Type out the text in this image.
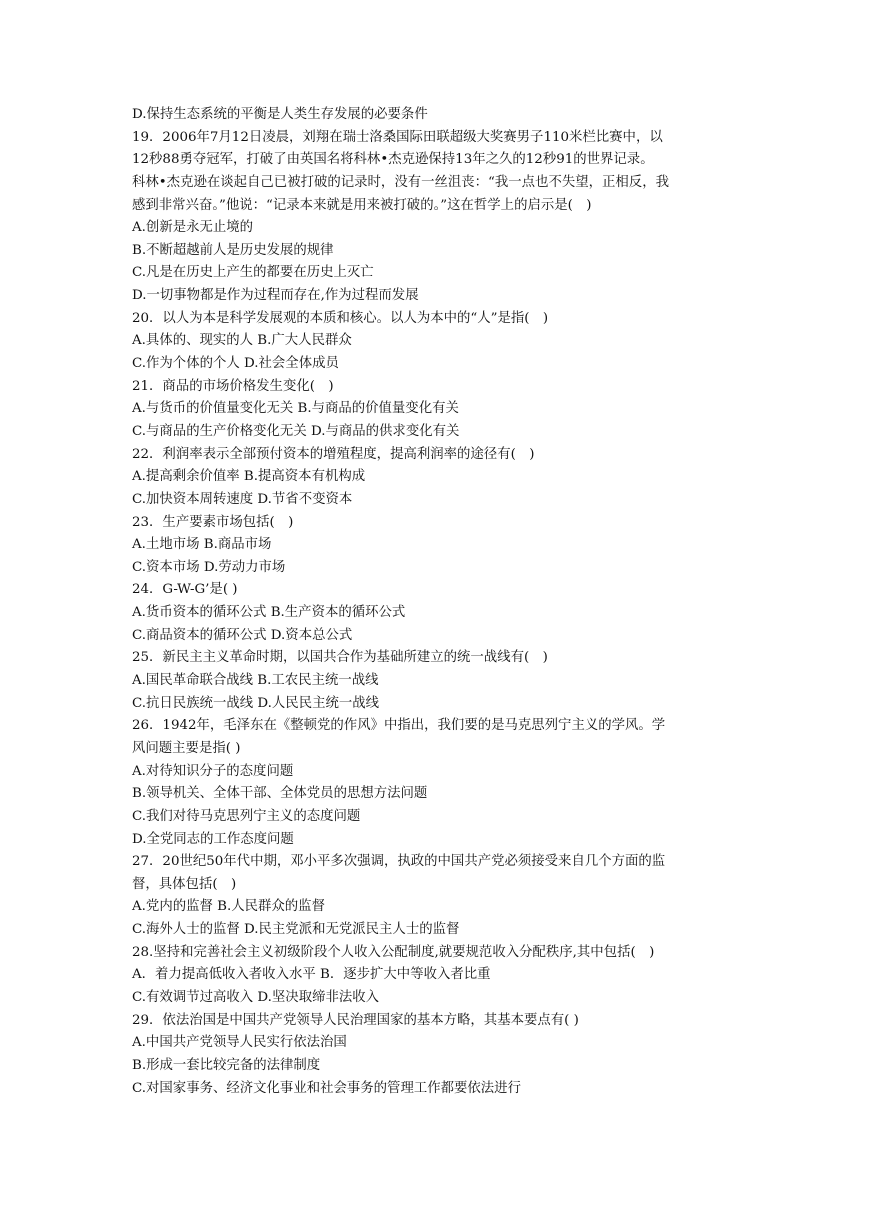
D.保持生态系统的平衡是人类生存发展的必要条件
19．2006年7月12日凌晨，刘翔在瑞士洛桑国际田联超级大奖赛男子110米栏比赛中，以
12秒88勇夺冠军，打破了由英国名将科林•杰克逊保持13年之久的12秒91的世界记录。
科林•杰克逊在谈起自己已被打破的记录时，没有一丝沮丧：“我一点也不失望，正相反，我
感到非常兴奋。”他说：“记录本来就是用来被打破的。”这在哲学上的启示是(　)
A.创新是永无止境的
B.不断超越前人是历史发展的规律
C.凡是在历史上产生的都要在历史上灭亡
D.一切事物都是作为过程而存在,作为过程而发展
20．以人为本是科学发展观的本质和核心。以人为本中的“人”是指(　)
A.具体的、现实的人 B.广大人民群众
C.作为个体的个人 D.社会全体成员
21．商品的市场价格发生变化(　)
A.与货币的价值量变化无关 B.与商品的价值量变化有关
C.与商品的生产价格变化无关 D.与商品的供求变化有关
22．利润率表示全部预付资本的增殖程度，提高利润率的途径有(　)
A.提高剩余价值率 B.提高资本有机构成
C.加快资本周转速度 D.节省不变资本
23．生产要素市场包括(　)
A.土地市场 B.商品市场
C.资本市场 D.劳动力市场
24．G-W-G’是( )
A.货币资本的循环公式 B.生产资本的循环公式
C.商品资本的循环公式 D.资本总公式
25．新民主主义革命时期，以国共合作为基础所建立的统一战线有(　)
A.国民革命联合战线 B.工农民主统一战线
C.抗日民族统一战线 D.人民民主统一战线
26．1942年，毛泽东在《整顿党的作风》中指出，我们要的是马克思列宁主义的学风。学
风问题主要是指( )
A.对待知识分子的态度问题
B.领导机关、全体干部、全体党员的思想方法问题
C.我们对待马克思列宁主义的态度问题
D.全党同志的工作态度问题
27．20世纪50年代中期，邓小平多次强调，执政的中国共产党必须接受来自几个方面的监
督，具体包括(　)
A.党内的监督 B.人民群众的监督
C.海外人士的监督 D.民主党派和无党派民主人士的监督
28.坚持和完善社会主义初级阶段个人收入公配制度,就要规范收入分配秩序,其中包括(　)
A．着力提高低收入者收入水平 B．逐步扩大中等收入者比重
C.有效调节过高收入 D.坚决取缔非法收入
29．依法治国是中国共产党领导人民治理国家的基本方略，其基本要点有( )
A.中国共产党领导人民实行依法治国
B.形成一套比较完备的法律制度
C.对国家事务、经济文化事业和社会事务的管理工作都要依法进行
